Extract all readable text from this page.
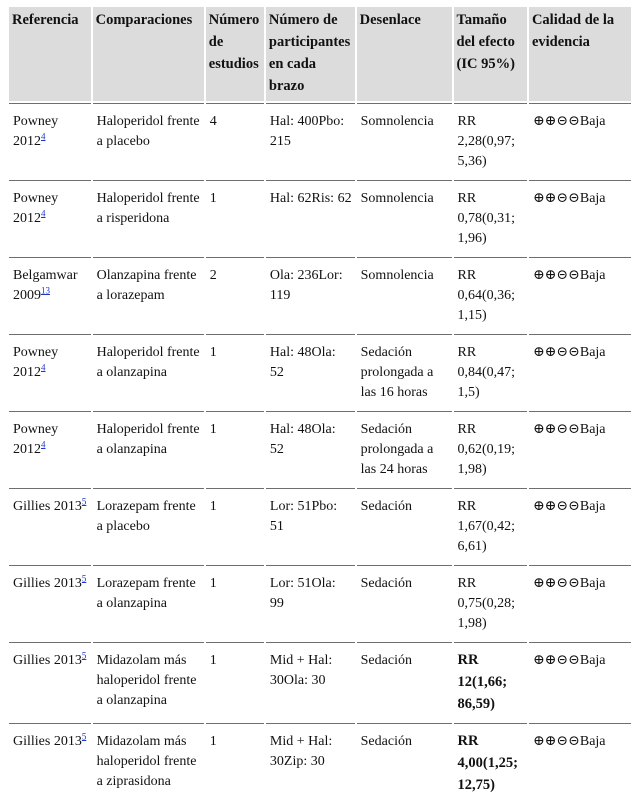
Referencia	Comparaciones	Número de estudios	Número de participantes en cada brazo	Desenlace	Tamaño del efecto (IC 95%)	Calidad de la evidencia
Powney 2012$^4$	Haloperidol frente a placebo	4	Hal: 400Pbo: 215	Somnolencia	RR 2,28(0,97; 5,36)	⊕⊕⊝⊝Baja
Powney 2012$^4$	Haloperidol frente a risperidona	1	Hal: 62Ris: 62	Somnolencia	RR 0,78(0,31; 1,96)	⊕⊕⊝⊝Baja
Belgamwar 2009$^{13}$	Olanzapina frente a lorazepam	2	Ola: 236Lor: 119	Somnolencia	RR 0,64(0,36; 1,15)	⊕⊕⊝⊝Baja
Powney 2012$^4$	Haloperidol frente a olanzapina	1	Hal: 48Ola: 52	Sedación prolongada a las 16 horas	RR 0,84(0,47; 1,5)	⊕⊕⊝⊝Baja
Powney 2012$^4$	Haloperidol frente a olanzapina	1	Hal: 48Ola: 52	Sedación prolongada a las 24 horas	RR 0,62(0,19; 1,98)	⊕⊕⊝⊝Baja
Gillies 2013$^5$	Lorazepam frente a placebo	1	Lor: 51Pbo: 51	Sedación	RR 1,67(0,42; 6,61)	⊕⊕⊝⊝Baja
Gillies 2013$^5$	Lorazepam frente a olanzapina	1	Lor: 51Ola: 99	Sedación	RR 0,75(0,28; 1,98)	⊕⊕⊝⊝Baja
Gillies 2013$^5$	Midazolam más haloperidol frente a olanzapina	1	Mid + Hal: 30Ola: 30	Sedación	RR 12(1,66; 86,59)	⊕⊕⊝⊝Baja
Gillies 2013$^5$	Midazolam más haloperidol frente a ziprasidona	1	Mid + Hal: 30Zip: 30	Sedación	RR 4,00(1,25; 12,75)	⊕⊕⊝⊝Baja
